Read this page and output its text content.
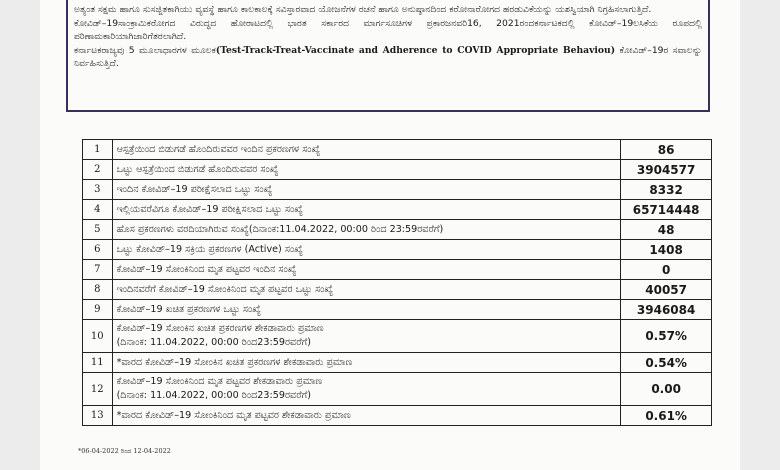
ಅತ್ಯಂತ ಸಕ್ಷಮ ಹಾಗೂ ಸುಸಜ್ಜಿತಕಾಗಿಯು ವ್ಯವಸ್ಥೆ ಹಾಗೂ ಕಾಲಕಾಲಕ್ಕೆ ಸವಿಸ್ತಾರವಾದ ಯೋಜನೆಗಳ ರಚನೆ ಹಾಗೂ ಅನುಷ್ಠಾನದಿಂದ ಕರೋನಾರೋಗದ ಹರಡುವಿಕೆಯನ್ನು ಯಶಸ್ವಿಯಾಗಿ ನಿಗ್ರಹಿಸಲಾಗುತ್ತಿದೆ.

ಕೋವಿಡ್‌–19ಸಾಂಕ್ರಾಮಿಕರೋಗದ ವಿರುದ್ಧದ ಹೋರಾಟದಲ್ಲಿ ಭಾರತ ಸರ್ಕಾರದ ಮಾರ್ಗಸೂಚಿಗಳ ಪ್ರಕಾರಜನವರಿ16, 2021ರಂದಕರ್ನಾಟಕದಲ್ಲಿ ಕೋವಿಡ್‌–19ಲಸಿಕೆಯ ರೂಪದಲ್ಲಿ ಪರಿಣಾಮಕಾರಿಯಾಗಿಜಾರಿಗೆತರಲಾಗಿದೆ.

ಕರ್ನಾಟಕರಾಜ್ಯವು 5 ಮೂಲಾಧಾರಗಳ ಮೂಲಕ(Test-Track-Treat-Vaccinate and Adherence to COVID Appropriate Behaviou) ಕೋವಿಡ್–19ರ ಸವಾಲನ್ನು ನಿರ್ವಹಿಸುತ್ತಿದೆ.

1	ಆಸ್ಪತ್ರೆಯಿಂದ ಬಿಡುಗಡೆ ಹೊಂದಿರುವವರ ಇಂದಿನ ಪ್ರಕರಣಗಳ ಸಂಖ್ಯೆ	86
2	ಒಟ್ಟು ಆಸ್ಪತ್ರೆಯಿಂದ ಬಿಡುಗಡೆ ಹೊಂದಿರುವವರ ಸಂಖ್ಯೆ	3904577
3	ಇಂದಿನ ಕೋವಿಡ್‌–19 ಪರೀಕ್ಷೆಸಲಾದ ಒಟ್ಟು ಸಂಖ್ಯೆ	8332
4	ಇಲ್ಲಿಯವರೆವಿಗೂ ಕೋವಿಡ್‌–19 ಪರೀಕ್ಷಿಸಲಾದ ಒಟ್ಟು ಸಂಖ್ಯೆ	65714448
5	ಹೊಸ ಪ್ರಕರಣಗಳು ವರದಿಯಾಗಿರುವ ಸಂಖ್ಯೆ(ದಿನಾಂಕ:11.04.2022, 00:00 ರಿಂದ 23:59ರವರೆಗೆ)	48
6	ಒಟ್ಟು ಕೋವಿಡ್‌–19 ಸಕ್ರಿಯ ಪ್ರಕರಣಗಳ (Active) ಸಂಖ್ಯೆ	1408
7	ಕೋವಿಡ್‌–19 ಸೋಂಕಿನಿಂದ ಮೃತ ಪಟ್ಟವರ ಇಂದಿನ ಸಂಖ್ಯೆ	0
8	ಇಂದಿನವರೆಗೆ ಕೋವಿಡ್‌–19 ಸೋಂಕಿನಿಂದ ಮೃತ ಪಟ್ಟವರ ಒಟ್ಟು ಸಂಖ್ಯೆ	40057
9	ಕೋವಿಡ್‌–19 ಖಚಿತ ಪ್ರಕರಣಗಳ ಒಟ್ಟು ಸಂಖ್ಯೆ	3946084
10	ಕೋವಿಡ್‌–19 ಸೋಂಕಿನ ಖಚಿತ ಪ್ರಕರಣಗಳ ಶೇಕಡಾವಾರು ಪ್ರಮಾಣ
(ದಿನಾಂಕ: 11.04.2022, 00:00 ರಿಂದ23:59ರವರೆಗೆ)	0.57%
11	*ವಾರದ ಕೋವಿಡ್‌–19 ಸೋಂಕಿನ ಖಚಿತ ಪ್ರಕರಣಗಳ ಶೇಕಡಾವಾರು ಪ್ರಮಾಣ	0.54%
12	ಕೋವಿಡ್‌–19 ಸೋಂಕಿನಿಂದ ಮೃತ ಪಟ್ಟವರ ಶೇಕಡಾವಾರು ಪ್ರಮಾಣ
(ದಿನಾಂಕ: 11.04.2022, 00:00 ರಿಂದ23:59ರವರೆಗೆ)	0.00
13	*ವಾರದ ಕೋವಿಡ್‌–19 ಸೋಂಕಿನಿಂದ ಮೃತ ಪಟ್ಟವರ ಶೇಕಡಾವಾರು ಪ್ರಮಾಣ	0.61%
*06-04-2022 ರಿಂದ 12-04-2022
